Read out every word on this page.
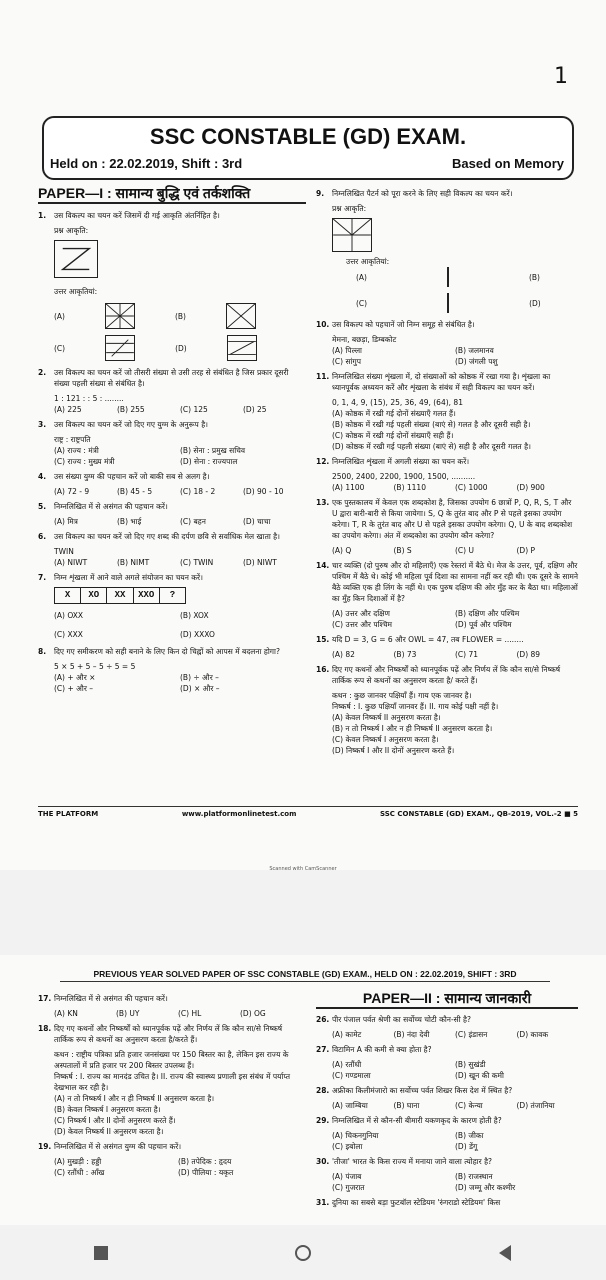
1
SSC CONSTABLE (GD) EXAM.
Held on : 22.02.2019, Shift : 3rd	Based on Memory
PAPER—I : सामान्य बुद्धि एवं तर्कशक्ति
1.	उस विकल्प का चयन करें जिसमें दी गई आकृति अंतर्निहित है।
प्रश्न आकृति:
उत्तर आकृतियां:
(A)	(B)
(C)	(D)
2.	उस विकल्प का चयन करें जो तीसरी संख्या से उसी तरह से संबंधित है जिस प्रकार दूसरी संख्या पहली संख्या से संबंधित है।
1 : 121 : : 5 : ........
(A) 225	(B) 255	(C) 125	(D) 25
3.	उस विकल्प का चयन करें जो दिए गए युग्म के अनुरूप है।
राष्ट्र : राष्ट्रपति
(A) राज्य : मंत्री	(B) सेना : प्रमुख सचिव
(C) राज्य : मुख्य मंत्री	(D) सेना : राज्यपाल
4.	उस संख्या युग्म की पहचान करें जो बाकी सब से अलग है।
(A) 72 - 9	(B) 45 - 5	(C) 18 - 2	(D) 90 - 10
5.	निम्नलिखित में से असंगत की पहचान करें।
(A) मित्र	(B) भाई	(C) बहन	(D) चाचा
6.	उस विकल्प का चयन करें जो दिए गए शब्द की दर्पण छवि से सर्वाधिक मेल खाता है।
TWIN
(A) NIWT	(B) NIMT	(C) TWIN	(D) NIWT
7.	निम्न शृंखला में आने वाले अगले संयोजन का चयन करें।
X	XO	XX	XXO	?
(A) OXX	(B) XOX
(C) XXX	(D) XXXO
8.	दिए गए समीकरण को सही बनाने के लिए किन दो चिह्नों को आपस में बदलना होगा?
5 × 5 + 5 – 5 ÷ 5 = 5
(A) + और ×	(B) ÷ और –
(C) + और –	(D) × और –
9.	निम्नलिखित पैटर्न को पूरा करने के लिए सही विकल्प का चयन करें।
प्रश्न आकृति:
उत्तर आकृतियां:
(A)	(B)
(C)	(D)
10. उस विकल्प को पहचानें जो निम्न समूह से संबंधित है।
मेमना, बछड़ा, डिम्बकोट
(A) पिल्ला	(B) जलमानव
(C) सांगुप	(D) जंगली पशु
11. निम्नलिखित संख्या शृंखला में, दो संख्याओं को कोष्ठक में रखा गया है। शृंखला का ध्यानपूर्वक अध्ययन करें और शृंखला के संबंध में सही विकल्प का चयन करें।
0, 1, 4, 9, (15), 25, 36, 49, (64), 81
(A) कोष्ठक में रखी गई दोनों संख्याएँ गलत हैं।
(B) कोष्ठक में रखी गई पहली संख्या (बाएं से) गलत है और दूसरी सही है।
(C) कोष्ठक में रखी गई दोनों संख्याएँ सही हैं।
(D) कोष्ठक में रखी गई पहली संख्या (बाएं से) सही है और दूसरी गलत है।
12. निम्नलिखित शृंखला में अगली संख्या का चयन करें।
2500, 2400, 2200, 1900, 1500, ..........
(A) 1100	(B) 1110	(C) 1000	(D) 900
13. एक पुस्तकालय में केवल एक शब्दकोश है, जिसका उपयोग 6 छात्रों P, Q, R, S, T और U द्वारा बारी-बारी से किया जायेगा। S, Q के तुरंत बाद और P से पहले इसका उपयोग करेगा। T, R के तुरंत बाद और U से पहले इसका उपयोग करेगा। Q, U के बाद शब्दकोश का उपयोग करेगा। अंत में शब्दकोश का उपयोग कौन करेगा?
(A) Q	(B) S	(C) U	(D) P
14. चार व्यक्ति (दो पुरुष और दो महिलाएँ) एक रेस्तरां में बैठे थे। मेज के उत्तर, पूर्व, दक्षिण और पश्चिम में बैठे थे। कोई भी महिला पूर्व दिशा का सामना नहीं कर रही थी। एक दूसरे के सामने बैठे व्यक्ति एक ही लिंग के नहीं थे। एक पुरुष दक्षिण की ओर मुँह कर के बैठा था। महिलाओं का मुँह किन दिशाओं में है?
(A) उत्तर और दक्षिण	(B) दक्षिण और पश्चिम
(C) उत्तर और पश्चिम	(D) पूर्व और पश्चिम
15. यदि D = 3, G = 6 और OWL = 47, तब FLOWER = ........
(A) 82	(B) 73	(C) 71	(D) 89
16. दिए गए कथनों और निष्कर्षों को ध्यानपूर्वक पढ़ें और निर्णय लें कि कौन सा/से निष्कर्ष तार्किक रूप से कथनों का अनुसरण करता है/ करते हैं।
कथन : कुछ जानवर पक्षियाँ हैं। गाय एक जानवर है।
निष्कर्ष : I. कुछ पक्षियाँ जानवर हैं। II. गाय कोई पक्षी नहीं है।
(A) केवल निष्कर्ष II अनुसरण करता है।
(B) न तो निष्कर्ष I और न ही निष्कर्ष II अनुसरण करता है।
(C) केवल निष्कर्ष I अनुसरण करता है।
(D) निष्कर्ष I और II दोनों अनुसरण करते हैं।
THE PLATFORM	www.platformonlinetest.com	SSC CONSTABLE (GD) EXAM., QB-2019, VOL.-2 ■ 5
Scanned with CamScanner
PREVIOUS YEAR SOLVED PAPER OF SSC CONSTABLE (GD) EXAM., HELD ON : 22.02.2019, SHIFT : 3RD
17. निम्नलिखित में से असंगत की पहचान करें।
(A) KN	(B) UY	(C) HL	(D) OG
18. दिए गए कथनों और निष्कर्षों को ध्यानपूर्वक पढ़ें और निर्णय लें कि कौन सा/से निष्कर्ष तार्किक रूप से कथनों का अनुसरण करता है/करते हैं।
कथन : राष्ट्रीय पत्रिका प्रति हजार जनसंख्या पर 150 बिस्तर का है, लेकिन इस राज्य के अस्पतालों में प्रति हजार पर 200 बिस्तर उपलब्ध हैं।
निष्कर्ष : I. राज्य का मानदंड उचित है। II. राज्य की स्वास्थ्य प्रणाली इस संबंध में पर्याप्त देखभाल कर रही है।
(A) न तो निष्कर्ष I और न ही निष्कर्ष II अनुसरण करता है।
(B) केवल निष्कर्ष I अनुसरण करता है।
(C) निष्कर्ष I और II दोनों अनुसरण करते हैं।
(D) केवल निष्कर्ष II अनुसरण करता है।
19. निम्नलिखित में से असंगत युग्म की पहचान करें।
(A) मुखड़ी : हड्डी	(B) तपेदिक : हृदय
(C) रतौंधी : आँख	(D) पीलिया : यकृत
PAPER—II : सामान्य जानकारी
26. पीर पंजाल पर्वत श्रेणी का सर्वोच्च चोटी कौन-सी है?
(A) कामेट	(B) नंदा देवी	(C) इंडासन	(D) कावक
27. विटामिन A की कमी से क्या होता है?
(A) रतौंधी	(B) सुखंडी
(C) गण्डमाला	(D) खून की कमी
28. अफ्रीका किलीमंजारो का सर्वोच्च पर्वत शिखर किस देश में स्थित है?
(A) जाम्बिया	(B) घाना	(C) केन्या	(D) तंजानिया
29. निम्नलिखित में से कौन-सी बीमारी यकणकृद के कारण होती है?
(A) चिकनगुनिया	(B) जीका
(C) इबोला	(D) डेंगू
30. 'तीजा' भारत के किस राज्य में मनाया जाने वाला त्योहार है?
(A) पंजाब	(B) राजस्थान
(C) गुजरात	(D) जम्मू और कश्मीर
31. दुनिया का सबसे बड़ा फुटबॉल स्टेडियम 'रुंगराडो स्टेडियम' किस
